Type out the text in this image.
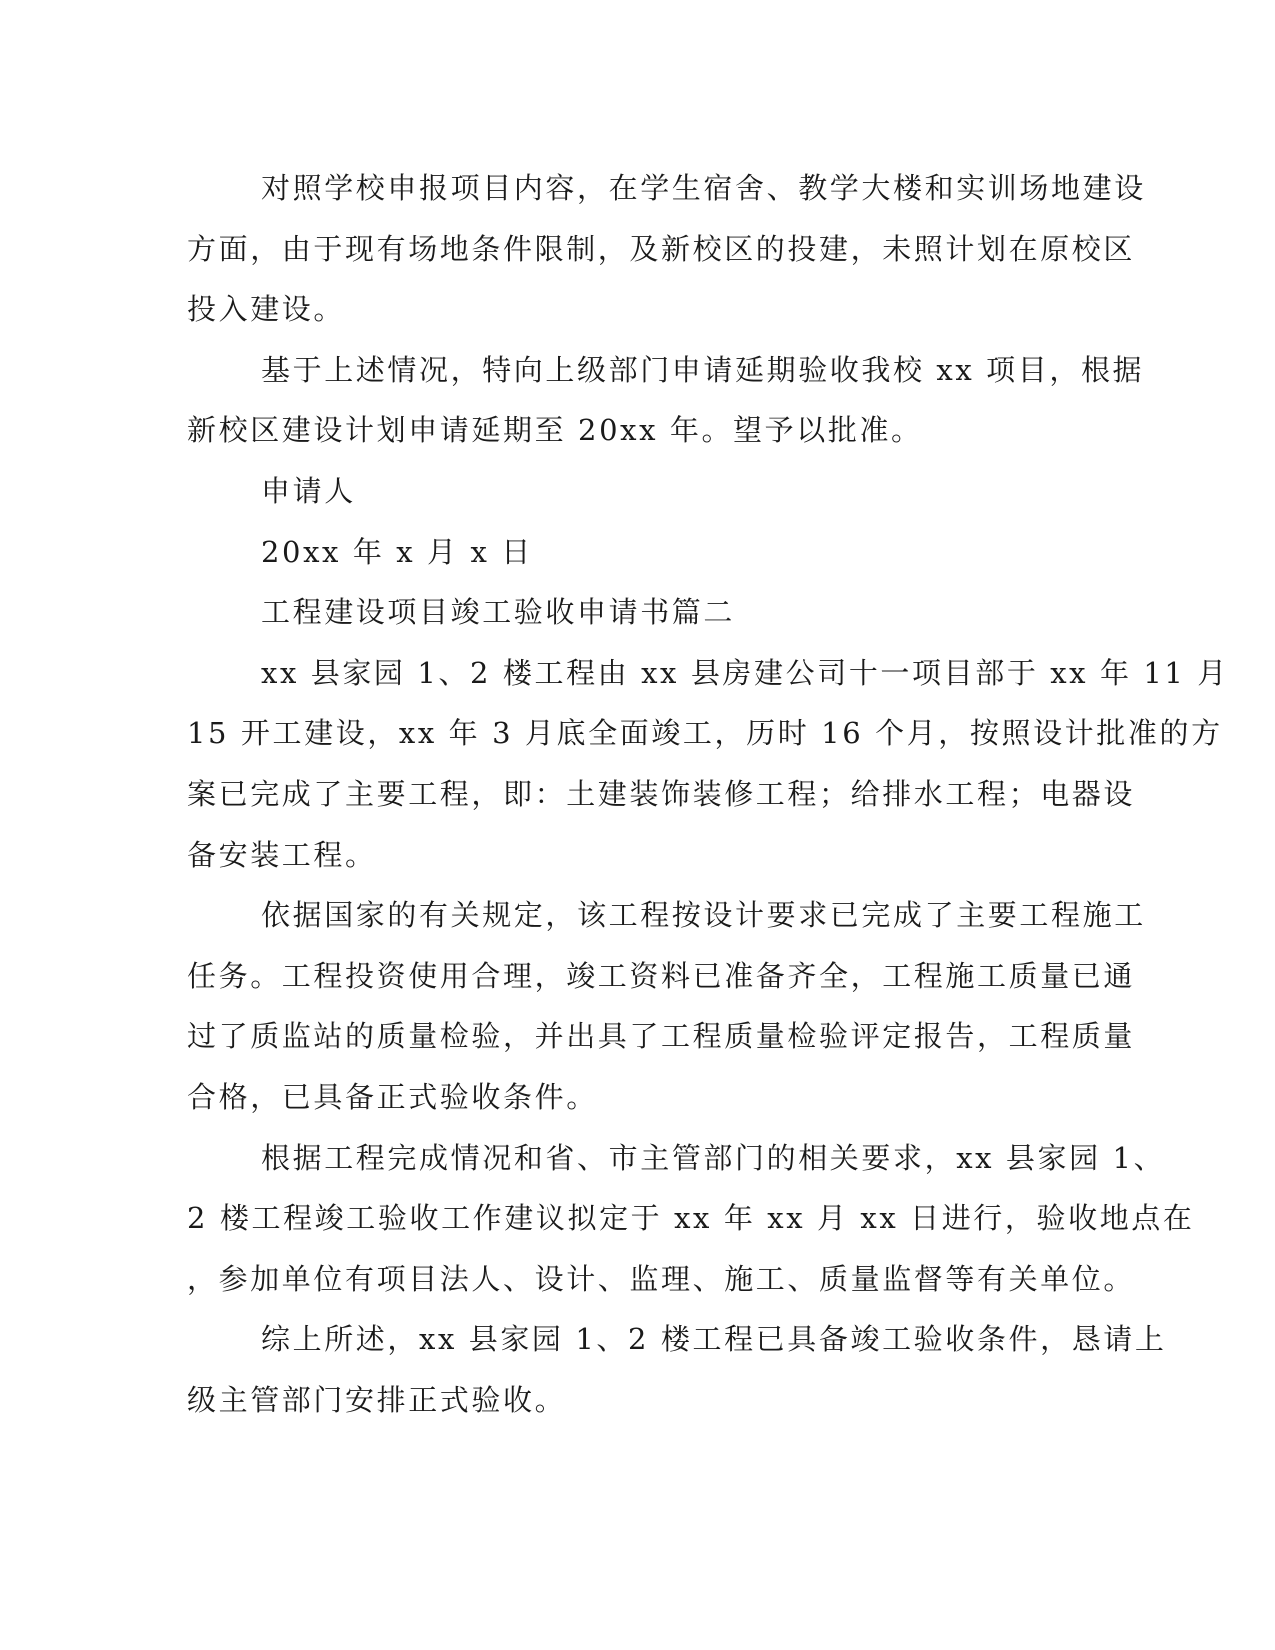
对照学校申报项目内容，在学生宿舍、教学大楼和实训场地建设
方面，由于现有场地条件限制，及新校区的投建，未照计划在原校区
投入建设。
基于上述情况，特向上级部门申请延期验收我校 xx 项目，根据
新校区建设计划申请延期至 20xx 年。望予以批准。
申请人
20xx 年 x 月 x 日
工程建设项目竣工验收申请书篇二
xx 县家园 1、2 楼工程由 xx 县房建公司十一项目部于 xx 年 11 月
15 开工建设，xx 年 3 月底全面竣工，历时 16 个月，按照设计批准的方
案已完成了主要工程，即：土建装饰装修工程；给排水工程；电器设
备安装工程。
依据国家的有关规定，该工程按设计要求已完成了主要工程施工
任务。工程投资使用合理，竣工资料已准备齐全，工程施工质量已通
过了质监站的质量检验，并出具了工程质量检验评定报告，工程质量
合格，已具备正式验收条件。
根据工程完成情况和省、市主管部门的相关要求，xx 县家园 1、
2 楼工程竣工验收工作建议拟定于 xx 年 xx 月 xx 日进行，验收地点在
，参加单位有项目法人、设计、监理、施工、质量监督等有关单位。
综上所述，xx 县家园 1、2 楼工程已具备竣工验收条件，恳请上
级主管部门安排正式验收。
